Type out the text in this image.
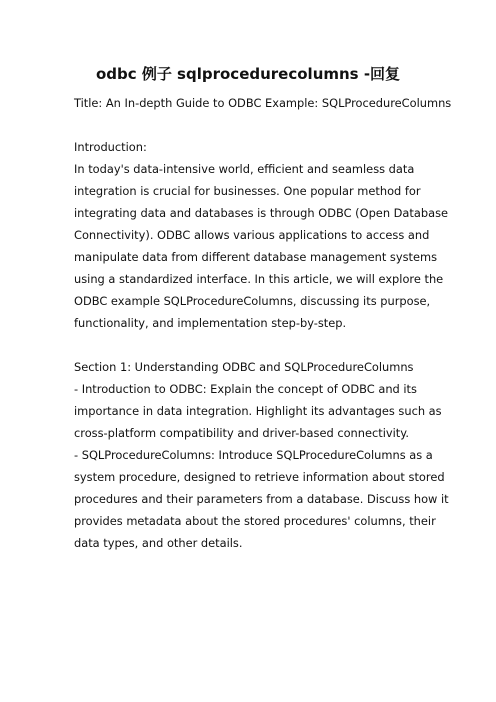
odbc 例子 sqlprocedurecolumns -回复
Title: An In-depth Guide to ODBC Example: SQLProcedureColumns
Introduction:
In today's data-intensive world, efficient and seamless data
integration is crucial for businesses. One popular method for
integrating data and databases is through ODBC (Open Database
Connectivity). ODBC allows various applications to access and
manipulate data from different database management systems
using a standardized interface. In this article, we will explore the
ODBC example SQLProcedureColumns, discussing its purpose,
functionality, and implementation step-by-step.
Section 1: Understanding ODBC and SQLProcedureColumns
- Introduction to ODBC: Explain the concept of ODBC and its
importance in data integration. Highlight its advantages such as
cross-platform compatibility and driver-based connectivity.
- SQLProcedureColumns: Introduce SQLProcedureColumns as a
system procedure, designed to retrieve information about stored
procedures and their parameters from a database. Discuss how it
provides metadata about the stored procedures' columns, their
data types, and other details.
